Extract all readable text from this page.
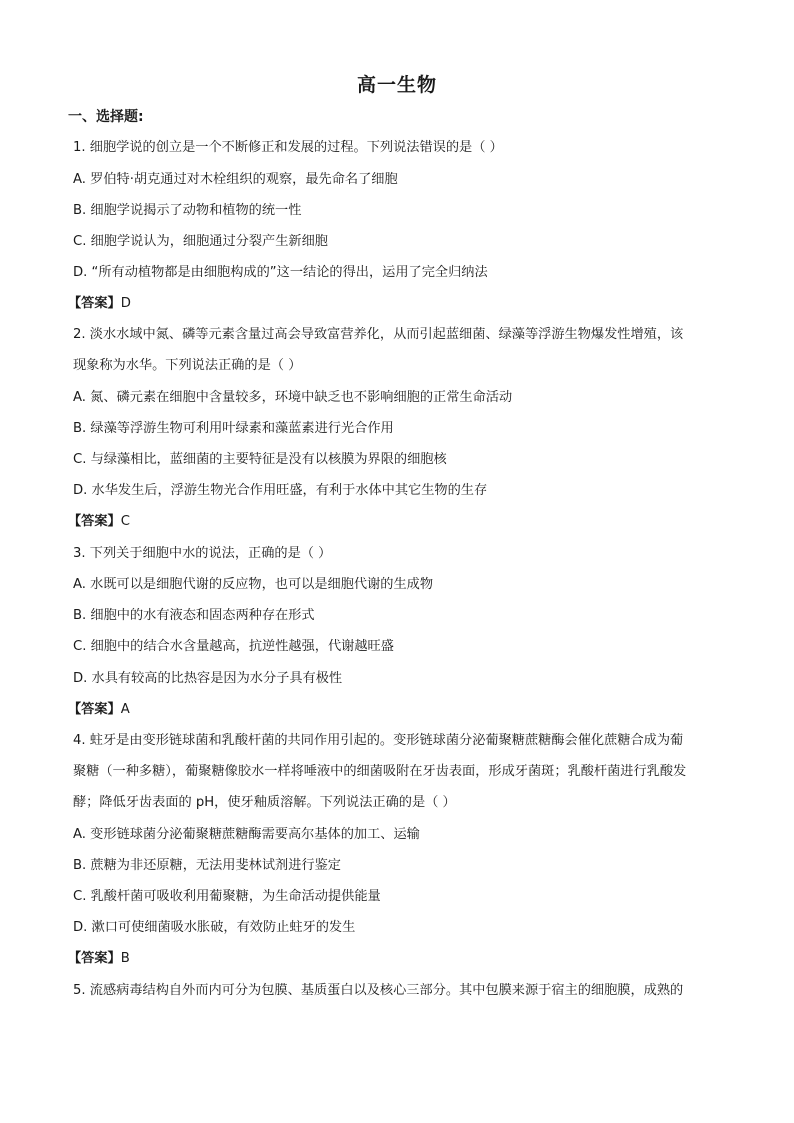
高一生物
一、选择题:
1. 细胞学说的创立是一个不断修正和发展的过程。下列说法错误的是（ ）
A. 罗伯特·胡克通过对木栓组织的观察，最先命名了细胞
B. 细胞学说揭示了动物和植物的统一性
C. 细胞学说认为，细胞通过分裂产生新细胞
D. “所有动植物都是由细胞构成的”这一结论的得出，运用了完全归纳法
【答案】D
2. 淡水水域中氮、磷等元素含量过高会导致富营养化，从而引起蓝细菌、绿藻等浮游生物爆发性增殖，该
现象称为水华。下列说法正确的是（ ）
A. 氮、磷元素在细胞中含量较多，环境中缺乏也不影响细胞的正常生命活动
B. 绿藻等浮游生物可利用叶绿素和藻蓝素进行光合作用
C. 与绿藻相比，蓝细菌的主要特征是没有以核膜为界限的细胞核
D. 水华发生后，浮游生物光合作用旺盛，有利于水体中其它生物的生存
【答案】C
3. 下列关于细胞中水的说法，正确的是（ ）
A. 水既可以是细胞代谢的反应物，也可以是细胞代谢的生成物
B. 细胞中的水有液态和固态两种存在形式
C. 细胞中的结合水含量越高，抗逆性越强，代谢越旺盛
D. 水具有较高的比热容是因为水分子具有极性
【答案】A
4. 蛀牙是由变形链球菌和乳酸杆菌的共同作用引起的。变形链球菌分泌葡聚糖蔗糖酶会催化蔗糖合成为葡
聚糖（一种多糖），葡聚糖像胶水一样将唾液中的细菌吸附在牙齿表面，形成牙菌斑；乳酸杆菌进行乳酸发
酵；降低牙齿表面的 pH，使牙釉质溶解。下列说法正确的是（ ）
A. 变形链球菌分泌葡聚糖蔗糖酶需要高尔基体的加工、运输
B. 蔗糖为非还原糖，无法用斐林试剂进行鉴定
C. 乳酸杆菌可吸收利用葡聚糖，为生命活动提供能量
D. 漱口可使细菌吸水胀破，有效防止蛀牙的发生
【答案】B
5. 流感病毒结构自外而内可分为包膜、基质蛋白以及核心三部分。其中包膜来源于宿主的细胞膜，成熟的
